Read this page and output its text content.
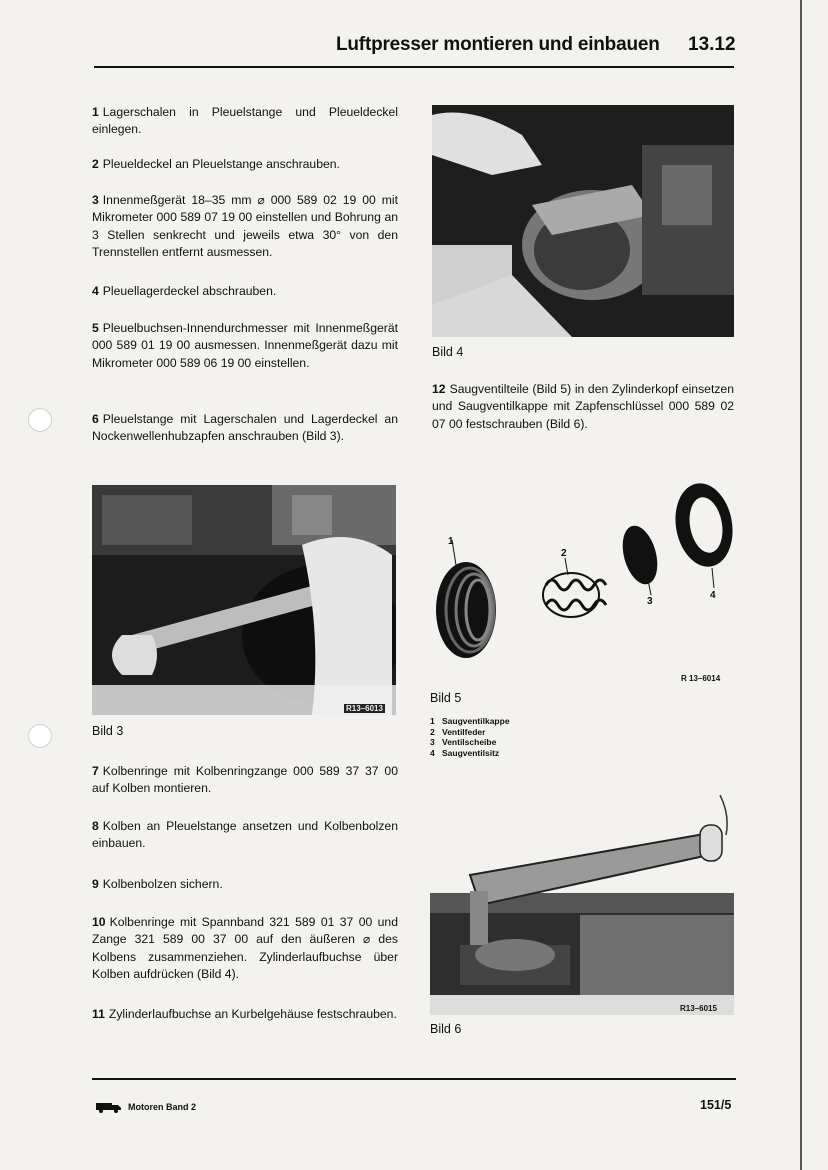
Luftpresser montieren und einbauen 13.12
1 Lagerschalen in Pleuelstange und Pleueldeckel einlegen.
2 Pleueldeckel an Pleuelstange anschrauben.
3 Innenmeßgerät 18–35 mm ⌀ 000 589 02 19 00 mit Mikrometer 000 589 07 19 00 einstellen und Bohrung an 3 Stellen senkrecht und jeweils etwa 30° von den Trennstellen entfernt ausmessen.
4 Pleuellagerdeckel abschrauben.
5 Pleuelbuchsen-Innendurchmesser mit Innenmeßgerät 000 589 01 19 00 ausmessen. Innenmeßgerät dazu mit Mikrometer 000 589 06 19 00 einstellen.
6 Pleuelstange mit Lagerschalen und Lagerdeckel an Nockenwellenhubzapfen anschrauben (Bild 3).
R13–6013
Bild 3
7 Kolbenringe mit Kolbenringzange 000 589 37 37 00 auf Kolben montieren.
8 Kolben an Pleuelstange ansetzen und Kolbenbolzen einbauen.
9 Kolbenbolzen sichern.
10 Kolbenringe mit Spannband 321 589 01 37 00 und Zange 321 589 00 37 00 auf den äußeren ⌀ des Kolbens zusammenziehen. Zylinderlaufbuchse über Kolben aufdrücken (Bild 4).
11 Zylinderlaufbuchse an Kurbelgehäuse festschrauben.
Bild 4
12 Saugventilteile (Bild 5) in den Zylinderkopf einsetzen und Saugventilkappe mit Zapfenschlüssel 000 589 02 07 00 festschrauben (Bild 6).
1
2
3
4
R 13–6014
Bild 5
1 Saugventilkappe
2 Ventilfeder
3 Ventilscheibe
4 Saugventilsitz
R13–6015
Bild 6
Motoren Band 2	151/5
